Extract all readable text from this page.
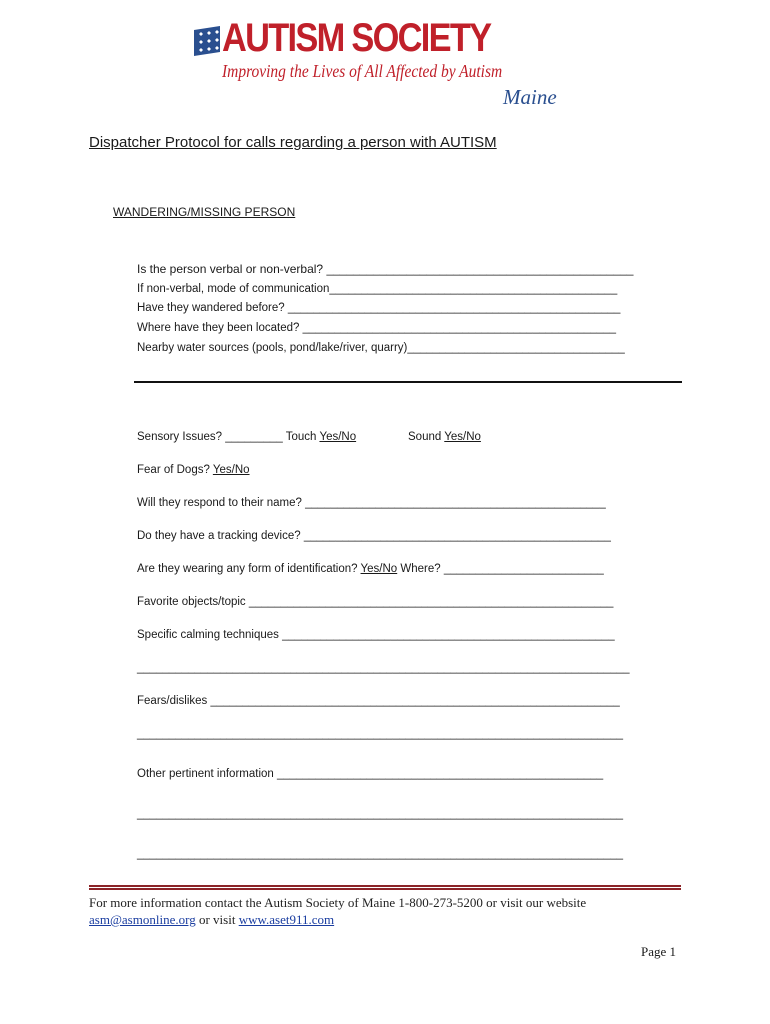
AUTISM SOCIETY
Improving the Lives of All Affected by Autism
Maine
Dispatcher Protocol for calls regarding a person with AUTISM
WANDERING/MISSING PERSON
Is the person verbal or non-verbal? ______________________________________________
If non-verbal, mode of communication_____________________________________________
Have they wandered before? ____________________________________________________
Where have they been located? _________________________________________________
Nearby water sources (pools, pond/lake/river, quarry)__________________________________
Sensory Issues? _________ Touch Yes/No	Sound Yes/No
Fear of Dogs? Yes/No
Will they respond to their name? _______________________________________________
Do they have a tracking device? ________________________________________________
Are they wearing any form of identification? Yes/No Where? _________________________
Favorite objects/topic _________________________________________________________
Specific calming techniques ____________________________________________________
_____________________________________________________________________________
Fears/dislikes ________________________________________________________________
____________________________________________________________________________
Other pertinent information ___________________________________________________
____________________________________________________________________________
____________________________________________________________________________
For more information contact the Autism Society of Maine 1-800-273-5200 or visit our website
asm@asmonline.org or visit www.aset911.com
Page 1
